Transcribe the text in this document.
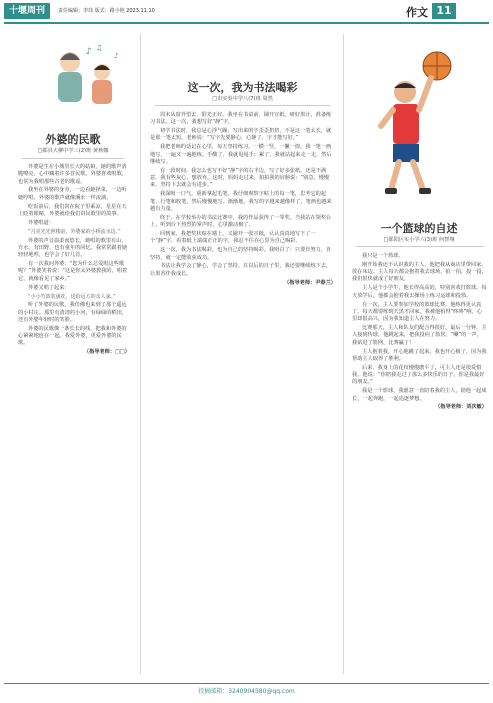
十堰周刊	责任编辑：李玮 版式：路小艳 2023.11.10	作文 11
♪ ♫
♪
外婆的民歌
□郧县大柳中学三(2)班 黄秋娜

外婆是生在小城里长大的姑娘，她的歌声清脆嘹亮，心中藏着许多首民歌。外婆喜欢唱歌，也常为我唱那些古老的歌谣。

我坐在外婆的身旁，一边看她择菜，一边听她哼唱，外婆的歌声就像溪水一样流淌。

吃饭前后，我们常在院子里乘凉，星星在天上眨着眼睛，外婆就给我们讲民歌里的故事。

外婆唱道：

“月亮光光照楼前，外婆家的小桥流水边。”

外婆的声音温柔而悠长，她唱的歌里有山、有水、有田野，也有童年的回忆。我常常跟着她轻轻地哼，也学会了好几首。

有一次我问外婆：“您为什么总爱唱这些歌呢？”外婆笑着说：“这是你太外婆教我的，唱着它，就像看见了家乡。”

外婆又唱了起来：

“小小竹篮装满花，送给远方的亲人家。”

听了外婆的民歌，我仿佛也来到了那个遥远的小村庄。那里有清清的小河，有绿绿的稻田，还有外婆年轻时的笑脸。

外婆的民歌像一条长长的线，把我和外婆的心紧紧地连在一起。我爱外婆，更爱外婆的民歌。

（指导老师：□□）
这一次，我为书法喝彩
□市实验中学八(7)班 周然

周末从窗外望去，阳光正好。我坐在书桌前，铺开宣纸，研好墨汁，准备练习书法。这一次，我想写好“静”字。

初学书法时，我总是心浮气躁，写出来的字歪歪扭扭，不是这一笔太长，就是那一笔太短。老师说：“写字先要静心，心静了，字才能写好。”

我把老师的话记在心里，每天坚持练习。一横一竖，一撇一捺，我一笔一画地写，一遍又一遍地练。手酸了，我就甩甩手；累了，我就站起来走一走，然后继续写。

有一段时间，我怎么也写不好“静”字的右半边，写了好多张纸，还是不满意。我有些灰心，想放弃。这时，妈妈走过来，拍拍我的肩膀说：“别急，慢慢来，坚持下去就会有进步。”

我深吸一口气，重新拿起毛笔。我仔细观察字帖上的每一笔，思考它的起笔、行笔和收笔，然后慢慢地写。渐渐地，我写的字越来越像样了，笔画也越来越有力量。

终于，在学校举办的书法比赛中，我的作品获得了一等奖。当我站在领奖台上，听到台下热烈的掌声时，心里激动极了。

回到家，我把奖状贴在墙上，又铺开一张宣纸，认认真真地写下了一个“静”字。看着纸上端端正正的字，我忍不住在心里为自己喝彩。

这一次，我为书法喝彩，也为自己的坚持喝彩。我明白了：只要肯努力，肯坚持，就一定能收获成功。

书法让我学会了静心，学会了坚持。在以后的日子里，我还要继续练下去，让墨香伴我成长。

（指导老师：尹春兰）
一个篮球的自述
□郧阳区实小学六(3)班 何智翔

我只是一个篮球。

刚开始我还不认识我的主人，他把我从商店里带回家，放在床边。主人每天都会抱着我去球场，拍一拍，投一投，我们很快就成了好朋友。

主人是个小学生，他长得高高的，特别喜欢打篮球。每天放学后，他都会抱着我去操场上练习运球和投篮。

有一次，主人要参加学校的篮球比赛。他练得更认真了，每天都要练到天黑才回家。我被他拍得“咚咚”响，心里却很高兴，因为我知道主人在努力。

比赛那天，主人和队友们配合得很好。最后一分钟，主人接到传球，他跳起来，把我投向了篮筐。“唰”的一声，我钻进了篮网，比赛赢了！

主人抱着我，开心地跳了起来。我也开心极了，因为我帮助主人取得了胜利。

后来，我身上的花纹慢慢磨平了，可主人还是很爱惜我。他说：“你陪我走过了那么多快乐的日子，你是我最好的朋友。”

我是一个篮球，我愿意一直陪着我的主人，陪他一起成长，一起奔跑，一起追逐梦想。

（指导老师：刘次敏）
投稿邮箱：3240904580@qq.com
